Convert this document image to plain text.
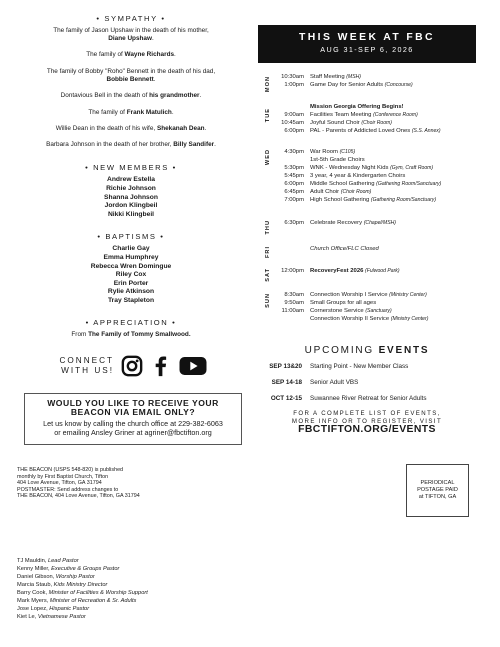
• SYMPATHY •
The family of Jason Upshaw in the death of his mother,
Diane Upshaw.
The family of Wayne Richards.
The family of Bobby "Roho" Bennett in the death of his dad,
Bobbie Bennett.
Dontavious Bell in the death of his grandmother.
The family of Frank Matulich.
Willie Dean in the death of his wife, Shekanah Dean.
Barbara Johnson in the death of her brother, Billy Sandifer.
• NEW MEMBERS •
Andrew Estella
Richie Johnson
Shanna Johnson
Jordon Klingbeil
Nikki Klingbeil
• BAPTISMS •
Charlie Gay
Emma Humphrey
Rebecca Wren Domingue
Riley Cox
Erin Porter
Rylie Atkinson
Tray Stapleton
• APPRECIATION •
From The Family of Tommy Smallwood.
CONNECT
WITH US!
WOULD YOU LIKE TO RECEIVE YOUR
BEACON VIA EMAIL ONLY?
Let us know by calling the church office at 229-382-6063
or emailing Ansley Griner at agriner@fbctifton.org
THIS WEEK AT FBC
AUG 31-SEP 6, 2026
MON	10:30am	Staff Meeting (MSH)
1:00pm	Game Day for Senior Adults (Concourse)
TUE
Mission Georgia Offering Begins!
9:00am	Facilities Team Meeting (Conference Room)
10:45am	Joyful Sound Choir (Choir Room)
6:00pm	PAL - Parents of Addicted Loved Ones (S.S. Annex)
WED	4:30pm	War Room (C105)
1st-5th Grade Choirs
5:30pm	WNK - Wednesday Night Kids (Gym, Craft Room)
5:45pm	3 year, 4 year & Kindergarten Choirs
6:00pm	Middle School Gathering (Gathering Room/Sanctuary)
6:45pm	Adult Choir (Choir Room)
7:00pm	High School Gathering (Gathering Room/Sanctuary)
THU	6:30pm	Celebrate Recovery (Chapel/MSH)
FRI	Church Office/FLC Closed
SAT	12:00pm	RecoveryFest 2026 (Fulwood Park)
SUN	8:30am	Connection Worship I Service (Ministry Center)
9:50am	Small Groups for all ages
11:00am	Cornerstone Service (Sanctuary)
Connection Worship II Service (Ministry Center)
UPCOMING EVENTS
SEP 13&20	Starting Point - New Member Class
SEP 14-18	Senior Adult VBS
OCT 12-15	Suwannee River Retreat for Senior Adults
FOR A COMPLETE LIST OF EVENTS,
MORE INFO OR TO REGISTER, VISIT
FBCTIFTON.ORG/EVENTS
THE BEACON (USPS 548-820) is published
monthly by First Baptist Church, Tifton
404 Love Avenue, Tifton, GA 31794
POSTMASTER: Send address changes to
THE BEACON, 404 Love Avenue, Tifton, GA 31794
PERIODICAL
POSTAGE PAID
at TIFTON, GA
TJ Mauldin, Lead Pastor
Kenny Miller, Executive & Groups Pastor
Daniel Gibson, Worship Pastor
Marcia Staub, Kids Ministry Director
Barry Cook, Minister of Facilities & Worship Support
Mark Myers, Minister of Recreation & Sr. Adults
Jose Lopez, Hispanic Pastor
Kiet Le, Vietnamese Pastor
